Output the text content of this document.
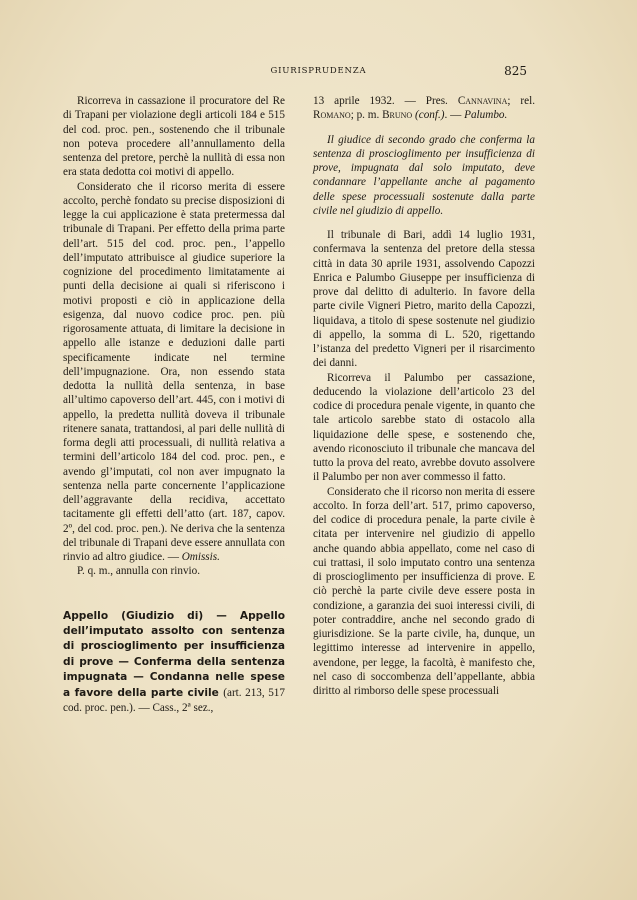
GIURISPRUDENZA	825

Ricorreva in cassazione il procuratore del Re di Trapani per violazione degli articoli 184 e 515 del cod. proc. pen., sostenendo che il tribunale non poteva procedere all’annullamento della sentenza del pretore, perchè la nullità di essa non era stata dedotta coi motivi di appello.

Considerato che il ricorso merita di essere accolto, perchè fondato su precise disposizioni di legge la cui applicazione è stata pretermessa dal tribunale di Trapani. Per effetto della prima parte dell’art. 515 del cod. proc. pen., l’appello dell’imputato attribuisce al giudice superiore la cognizione del procedimento limitatamente ai punti della decisione ai quali si riferiscono i motivi proposti e ciò in applicazione della esigenza, dal nuovo codice proc. pen. più rigorosamente attuata, di limitare la decisione in appello alle istanze e deduzioni dalle parti specificamente indicate nel termine dell’impugnazione. Ora, non essendo stata dedotta la nullità della sentenza, in base all’ultimo capoverso dell’art. 445, con i motivi di appello, la predetta nullità doveva il tribunale ritenere sanata, trattandosi, al pari delle nullità di forma degli atti processuali, di nullità relativa a termini dell’articolo 184 del cod. proc. pen., e avendo gl’imputati, col non aver impugnato la sentenza nella parte concernente l’applicazione dell’aggravante della recidiva, accettato tacitamente gli effetti dell’atto (art. 187, capov. 2º, del cod. proc. pen.). Ne deriva che la sentenza del tribunale di Trapani deve essere annullata con rinvio ad altro giudice. — Omissis.

P. q. m., annulla con rinvio.

Appello (Giudizio di) — Appello dell’imputato assolto con sentenza di proscioglimento per insufficienza di prove — Conferma della sentenza impugnata — Condanna nelle spese a favore della parte civile (art. 213, 517 cod. proc. pen.). — Cass., 2ª sez.,

13 aprile 1932. — Pres. Cannavina; rel. Romano; p. m. Bruno (conf.). — Palumbo.

Il giudice di secondo grado che conferma la sentenza di proscioglimento per insufficienza di prove, impugnata dal solo imputato, deve condannare l’appellante anche al pagamento delle spese processuali sostenute dalla parte civile nel giudizio di appello.

Il tribunale di Bari, addì 14 luglio 1931, confermava la sentenza del pretore della stessa città in data 30 aprile 1931, assolvendo Capozzi Enrica e Palumbo Giuseppe per insufficienza di prove dal delitto di adulterio. In favore della parte civile Vigneri Pietro, marito della Capozzi, liquidava, a titolo di spese sostenute nel giudizio di appello, la somma di L. 520, rigettando l’istanza del predetto Vigneri per il risarcimento dei danni.

Ricorreva il Palumbo per cassazione, deducendo la violazione dell’articolo 23 del codice di procedura penale vigente, in quanto che tale articolo sarebbe stato di ostacolo alla liquidazione delle spese, e sostenendo che, avendo riconosciuto il tribunale che mancava del tutto la prova del reato, avrebbe dovuto assolvere il Palumbo per non aver commesso il fatto.

Considerato che il ricorso non merita di essere accolto. In forza dell’art. 517, primo capoverso, del codice di procedura penale, la parte civile è citata per intervenire nel giudizio di appello anche quando abbia appellato, come nel caso di cui trattasi, il solo imputato contro una sentenza di proscioglimento per insufficienza di prove. E ciò perchè la parte civile deve essere posta in condizione, a garanzia dei suoi interessi civili, di poter contraddire, anche nel secondo grado di giurisdizione. Se la parte civile, ha, dunque, un legittimo interesse ad intervenire in appello, avendone, per legge, la facoltà, è manifesto che, nel caso di soccombenza dell’appellante, abbia diritto al rimborso delle spese processuali
